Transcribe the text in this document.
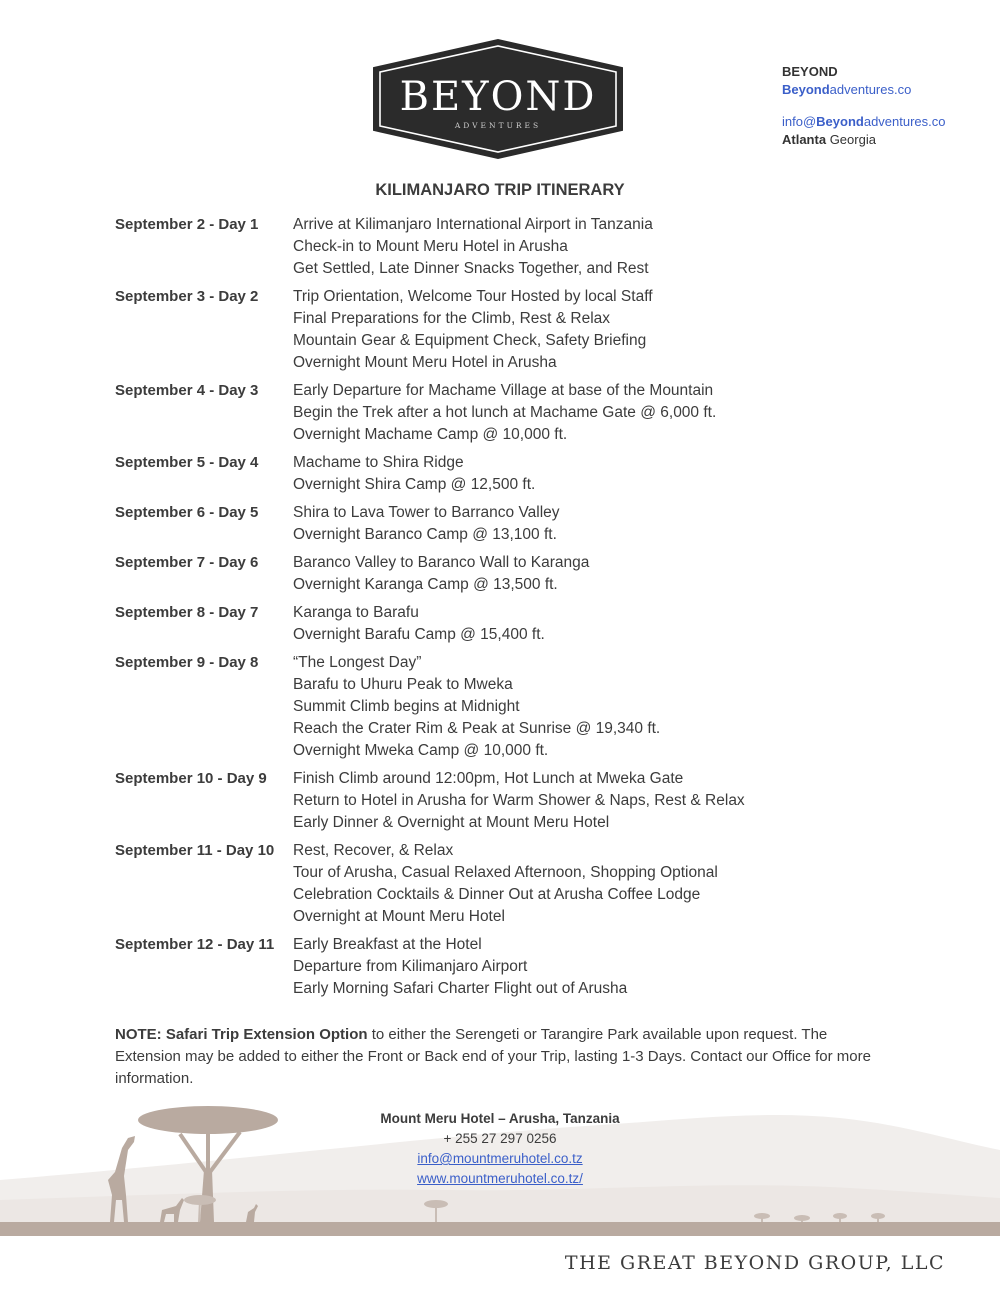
BEYOND
ADVENTURES
BEYOND
Beyondadventures.co
info@Beyondadventures.co
Atlanta Georgia
KILIMANJARO TRIP ITINERARY
September 2 - Day 1	Arrive at Kilimanjaro International Airport in Tanzania
Check-in to Mount Meru Hotel in Arusha
Get Settled, Late Dinner Snacks Together, and Rest
September 3 - Day 2	Trip Orientation, Welcome Tour Hosted by local Staff
Final Preparations for the Climb, Rest & Relax
Mountain Gear & Equipment Check, Safety Briefing
Overnight Mount Meru Hotel in Arusha
September 4 - Day 3	Early Departure for Machame Village at base of the Mountain
Begin the Trek after a hot lunch at Machame Gate @ 6,000 ft.
Overnight Machame Camp @ 10,000 ft.
September 5 - Day 4	Machame to Shira Ridge
Overnight Shira Camp @ 12,500 ft.
September 6 - Day 5	Shira to Lava Tower to Barranco Valley
Overnight Baranco Camp @ 13,100 ft.
September 7 - Day 6	Baranco Valley to Baranco Wall to Karanga
Overnight Karanga Camp @ 13,500 ft.
September 8 - Day 7	Karanga to Barafu
Overnight Barafu Camp @ 15,400 ft.
September 9 - Day 8	“The Longest Day”
Barafu to Uhuru Peak to Mweka
Summit Climb begins at Midnight
Reach the Crater Rim & Peak at Sunrise @ 19,340 ft.
Overnight Mweka Camp @ 10,000 ft.
September 10 - Day 9	Finish Climb around 12:00pm, Hot Lunch at Mweka Gate
Return to Hotel in Arusha for Warm Shower & Naps, Rest & Relax
Early Dinner & Overnight at Mount Meru Hotel
September 11 - Day 10	Rest, Recover, & Relax
Tour of Arusha, Casual Relaxed Afternoon, Shopping Optional
Celebration Cocktails & Dinner Out at Arusha Coffee Lodge
Overnight at Mount Meru Hotel
September 12 - Day 11	Early Breakfast at the Hotel
Departure from Kilimanjaro Airport
Early Morning Safari Charter Flight out of Arusha
NOTE: Safari Trip Extension Option to either the Serengeti or Tarangire Park available upon request. The Extension may be added to either the Front or Back end of your Trip, lasting 1-3 Days. Contact our Office for more information.
Mount Meru Hotel – Arusha, Tanzania
+ 255 27 297 0256
info@mountmeruhotel.co.tz
www.mountmeruhotel.co.tz/
THE GREAT BEYOND GROUP, LLC
